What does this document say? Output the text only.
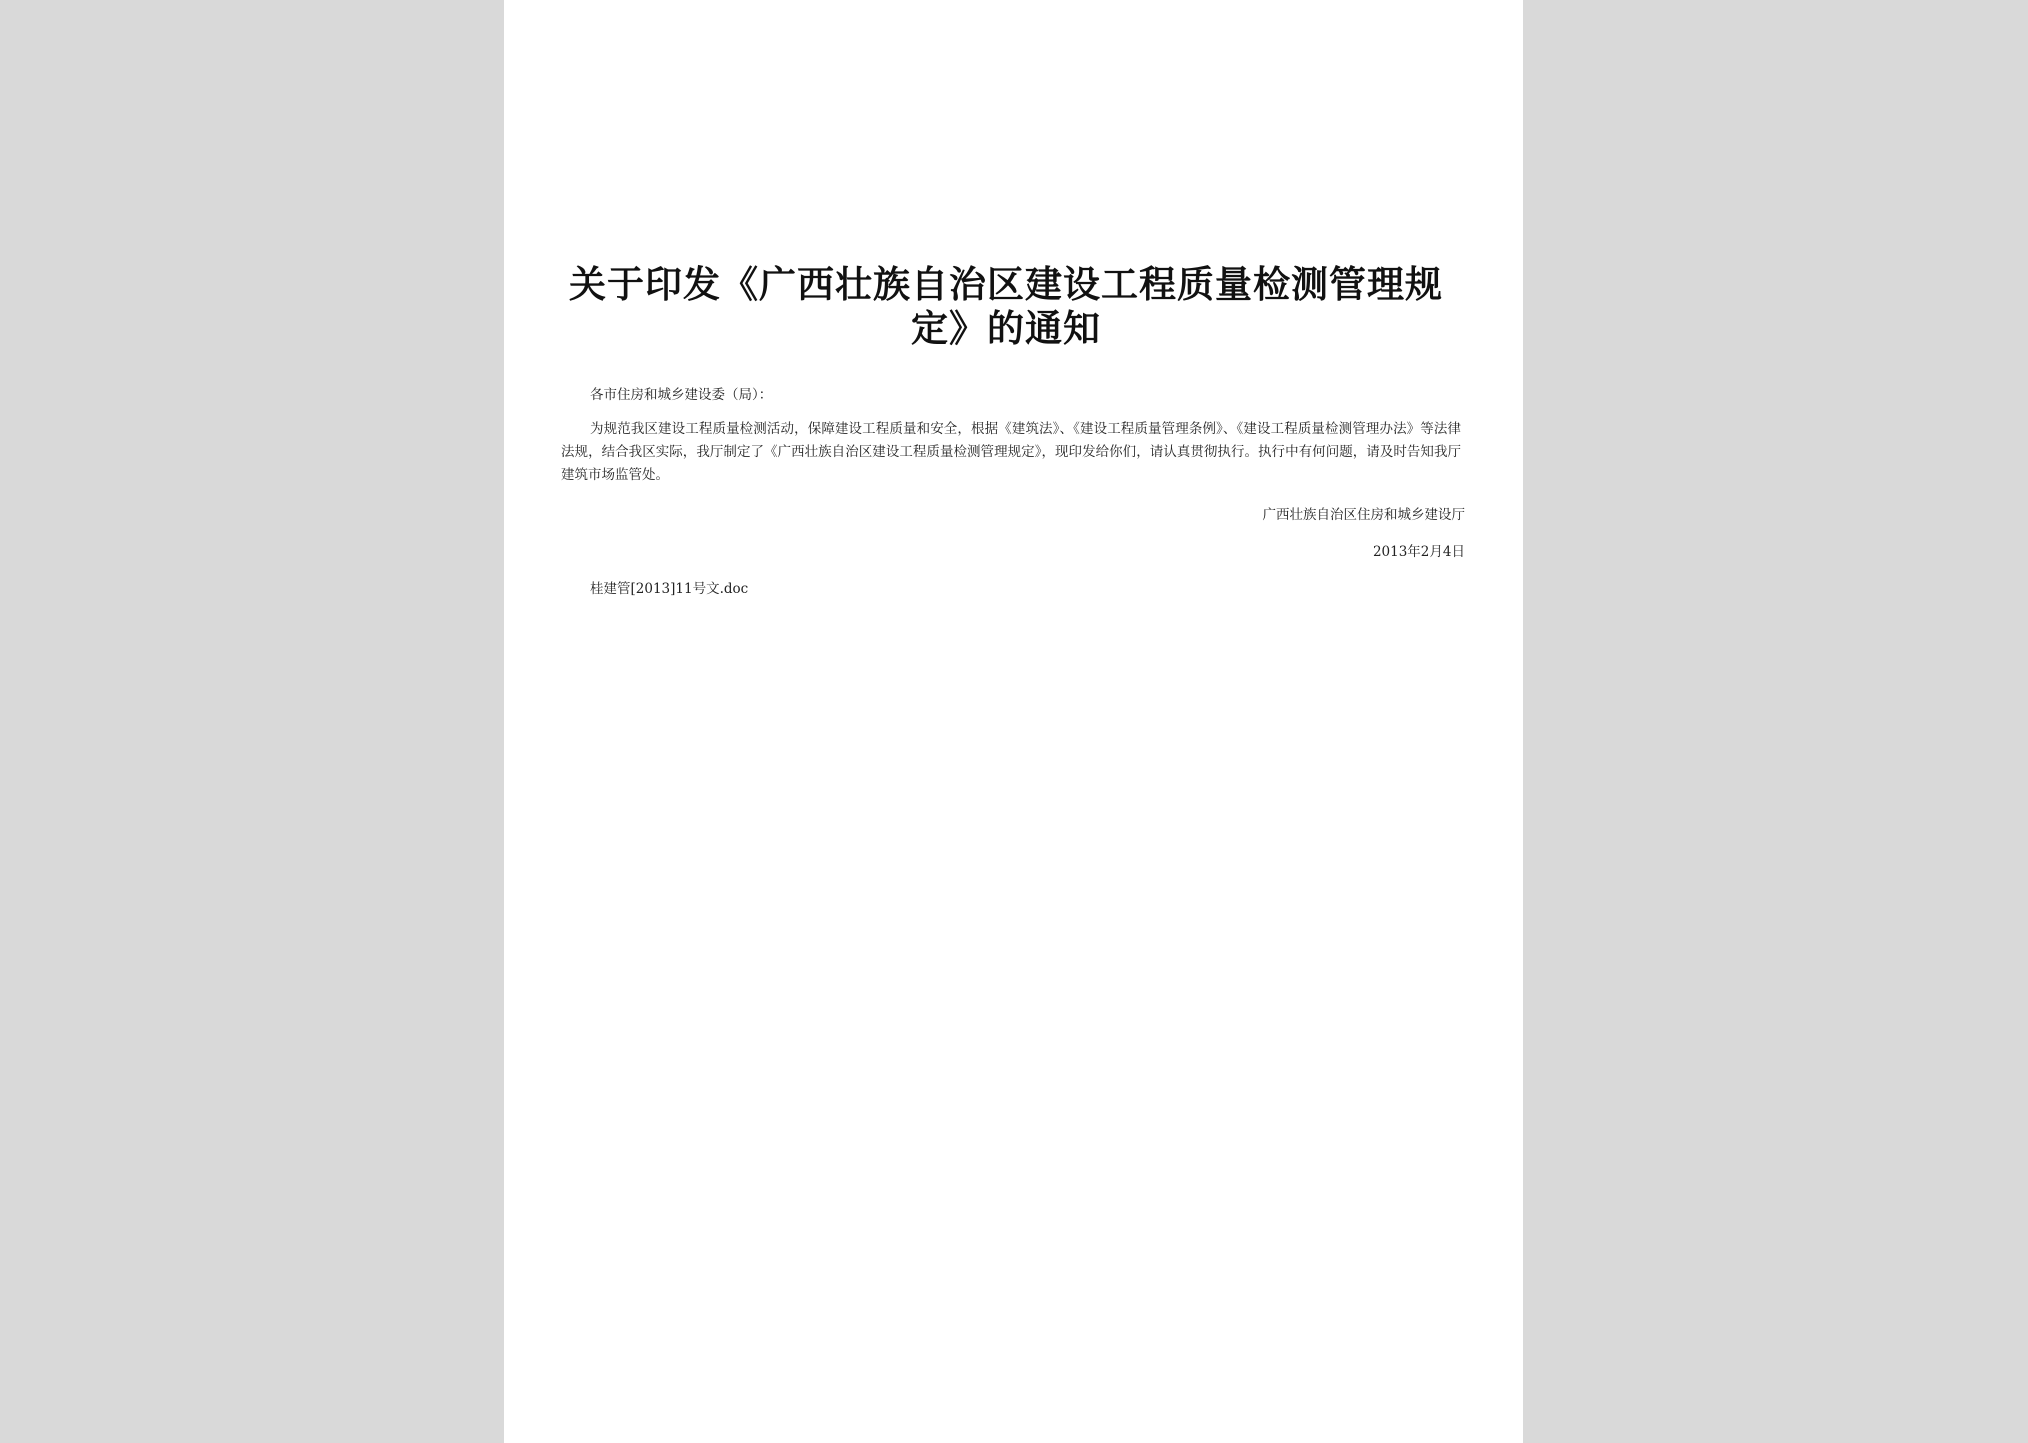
关于印发《广西壮族自治区建设工程质量检测管理规
定》的通知
各市住房和城乡建设委（局）：
为规范我区建设工程质量检测活动，保障建设工程质量和安全，根据《建筑法》、《建设工程质量管理条例》、《建设工程质量检测管理办法》等法律法规，结合我区实际，我厅制定了《广西壮族自治区建设工程质量检测管理规定》，现印发给你们，请认真贯彻执行。执行中有何问题，请及时告知我厅建筑市场监管处。
广西壮族自治区住房和城乡建设厅
2013年2月4日
桂建管[2013]11号文.doc
